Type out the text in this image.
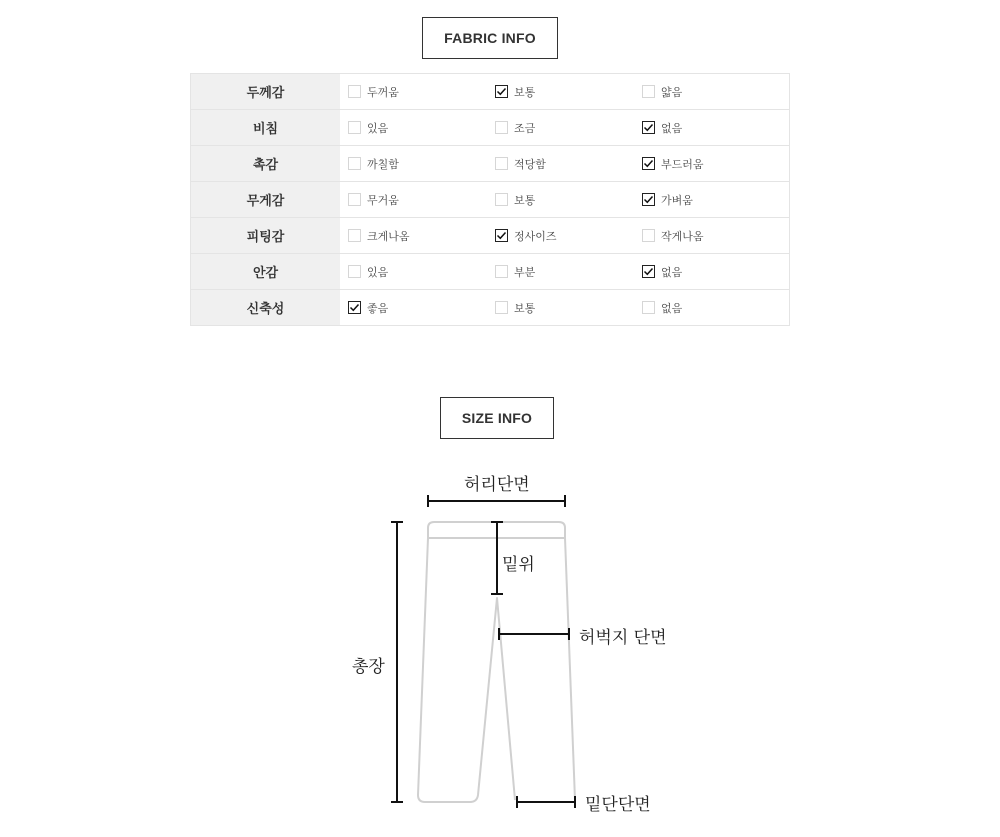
FABRIC INFO
두께감	두꺼움 보통 얇음

비침	있음 조금 없음

촉감	까칠함 적당함 부드러움

무게감	무거움 보통 가벼움

피팅감	크게나옴 정사이즈 작게나옴

안감	있음 부분 없음

신축성	좋음 보통 없음
SIZE INFO
허리단면
밑위
허벅지 단면
총장
밑단단면
